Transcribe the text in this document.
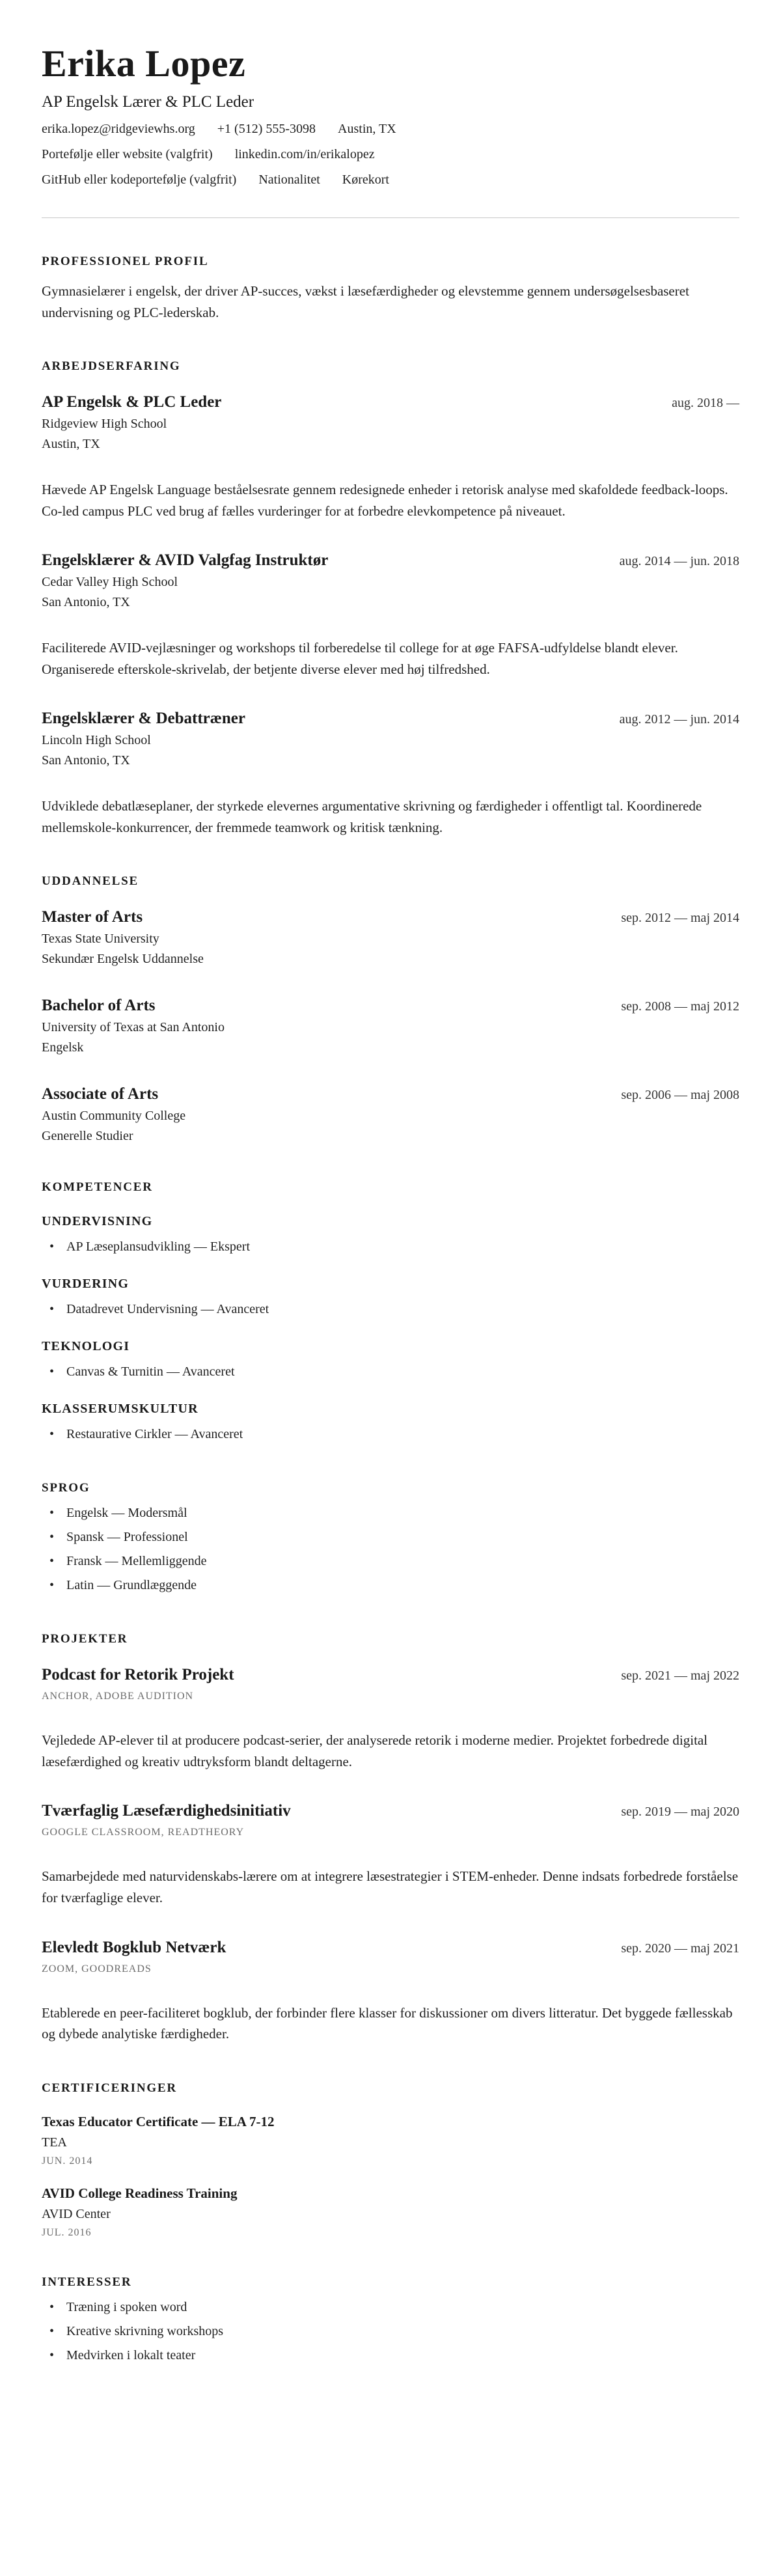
Erika Lopez
AP Engelsk Lærer & PLC Leder
erika.lopez@ridgeviewhs.org +1 (512) 555-3098 Austin, TX
Portefølje eller website (valgfrit) linkedin.com/in/erikalopez
GitHub eller kodeportefølje (valgfrit) Nationalitet Kørekort
PROFESSIONEL PROFIL

Gymnasielærer i engelsk, der driver AP-succes, vækst i læsefærdigheder og elevstemme gennem undersøgelsesbaseret undervisning og PLC-lederskab.

ARBEJDSERFARING
AP Engelsk & PLC Leder	aug. 2018 —
Ridgeview High School
Austin, TX

Hævede AP Engelsk Language beståelsesrate gennem redesignede enheder i retorisk analyse med skafoldede feedback-loops. Co-led campus PLC ved brug af fælles vurderinger for at forbedre elevkompetence på niveauet.

Engelsklærer & AVID Valgfag Instruktør	aug. 2014 — jun. 2018
Cedar Valley High School
San Antonio, TX

Faciliterede AVID-vejlæsninger og workshops til forberedelse til college for at øge FAFSA-udfyldelse blandt elever. Organiserede efterskole-skrivelab, der betjente diverse elever med høj tilfredshed.

Engelsklærer & Debattræner	aug. 2012 — jun. 2014
Lincoln High School
San Antonio, TX

Udviklede debatlæseplaner, der styrkede elevernes argumentative skrivning og færdigheder i offentligt tal. Koordinerede mellemskole-konkurrencer, der fremmede teamwork og kritisk tænkning.

UDDANNELSE
Master of Arts	sep. 2012 — maj 2014
Texas State University
Sekundær Engelsk Uddannelse
Bachelor of Arts	sep. 2008 — maj 2012
University of Texas at San Antonio
Engelsk
Associate of Arts	sep. 2006 — maj 2008
Austin Community College
Generelle Studier
KOMPETENCER
UNDERVISNING
• AP Læseplansudvikling — Ekspert
VURDERING
• Datadrevet Undervisning — Avanceret
TEKNOLOGI
• Canvas & Turnitin — Avanceret
KLASSERUMSKULTUR
• Restaurative Cirkler — Avanceret
SPROG
• Engelsk — Modersmål
• Spansk — Professionel
• Fransk — Mellemliggende
• Latin — Grundlæggende
PROJEKTER
Podcast for Retorik Projekt	sep. 2021 — maj 2022
ANCHOR, ADOBE AUDITION

Vejledede AP-elever til at producere podcast-serier, der analyserede retorik i moderne medier. Projektet forbedrede digital læsefærdighed og kreativ udtryksform blandt deltagerne.

Tværfaglig Læsefærdighedsinitiativ	sep. 2019 — maj 2020
GOOGLE CLASSROOM, READTHEORY

Samarbejdede med naturvidenskabs-lærere om at integrere læsestrategier i STEM-enheder. Denne indsats forbedrede forståelse for tværfaglige elever.

Elevledt Bogklub Netværk	sep. 2020 — maj 2021
ZOOM, GOODREADS

Etablerede en peer-faciliteret bogklub, der forbinder flere klasser for diskussioner om divers litteratur. Det byggede fællesskab og dybede analytiske færdigheder.

CERTIFICERINGER
Texas Educator Certificate — ELA 7-12
TEA
JUN. 2014
AVID College Readiness Training
AVID Center
JUL. 2016
INTERESSER
• Træning i spoken word
• Kreative skrivning workshops
• Medvirken i lokalt teater
